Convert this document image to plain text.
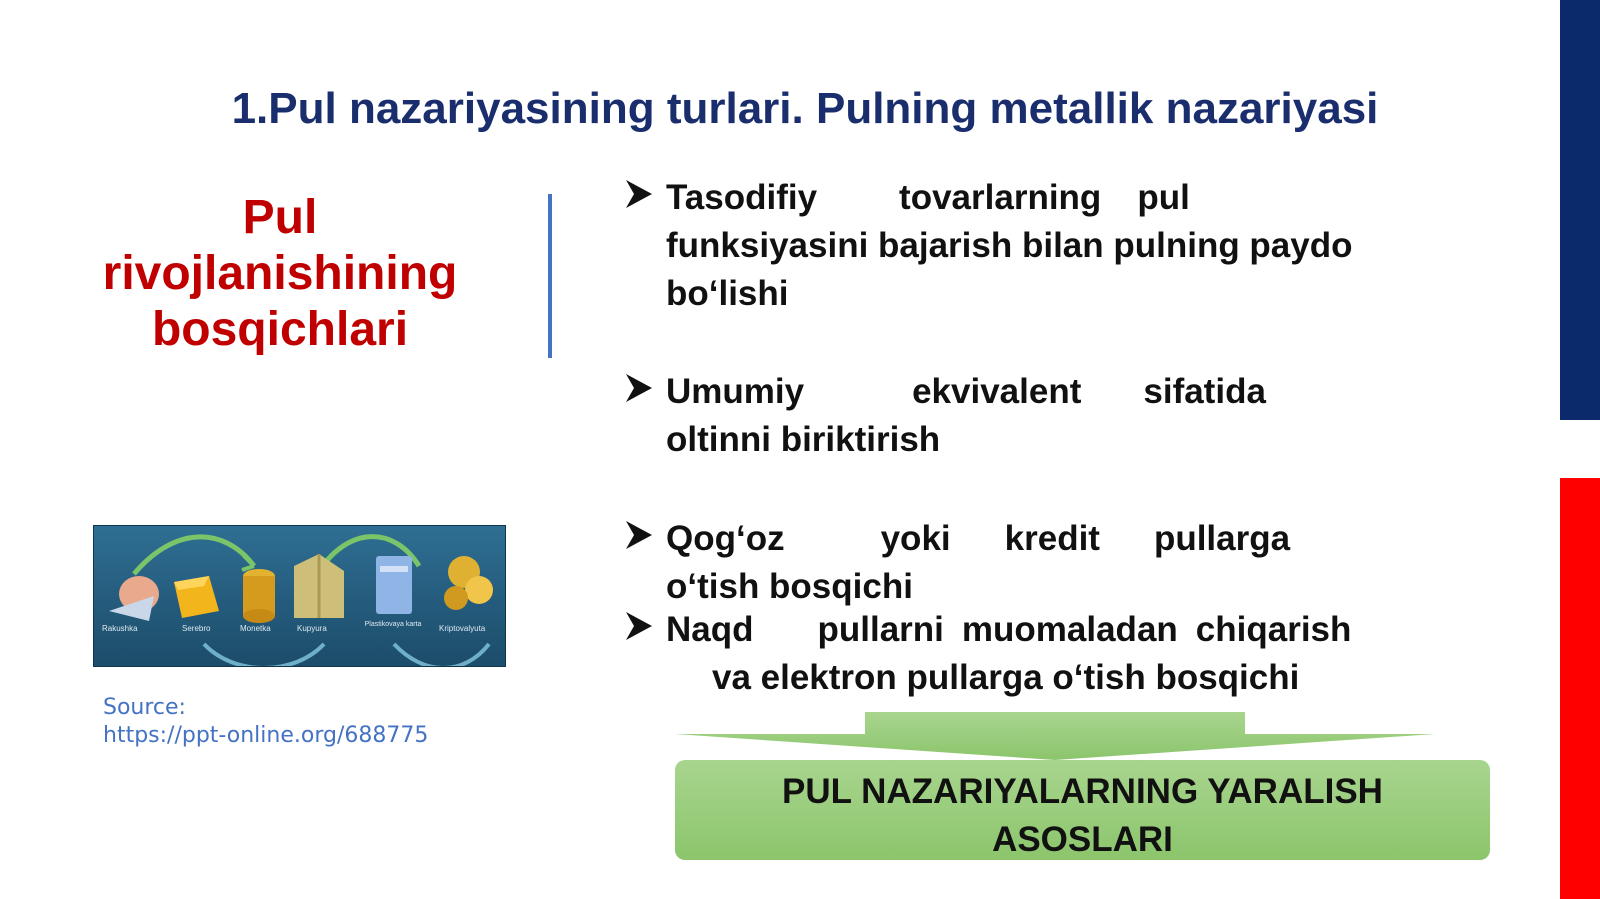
1.Pul nazariyasining turlari. Pulning metallik nazariyasi
Pul
rivojlanishining
bosqichlari
Tasodifiy tovarlarning pul
funksiyasini bajarish bilan pulning paydo
bo‘lishi
Umumiy	ekvivalent sifatida
oltinni biriktirish
Qog‘oz	yoki kredit pullarga
o‘tish bosqichi
Naqd pullarni muomaladan chiqarish
va elektron pullarga o‘tish bosqichi
Rakushka	Serebro	Monetka	Kupyura	Plastikovaya karta	Kriptovalyuta
Source:
https://ppt-online.org/688775
PUL NAZARIYALARNING YARALISH
ASOSLARI
